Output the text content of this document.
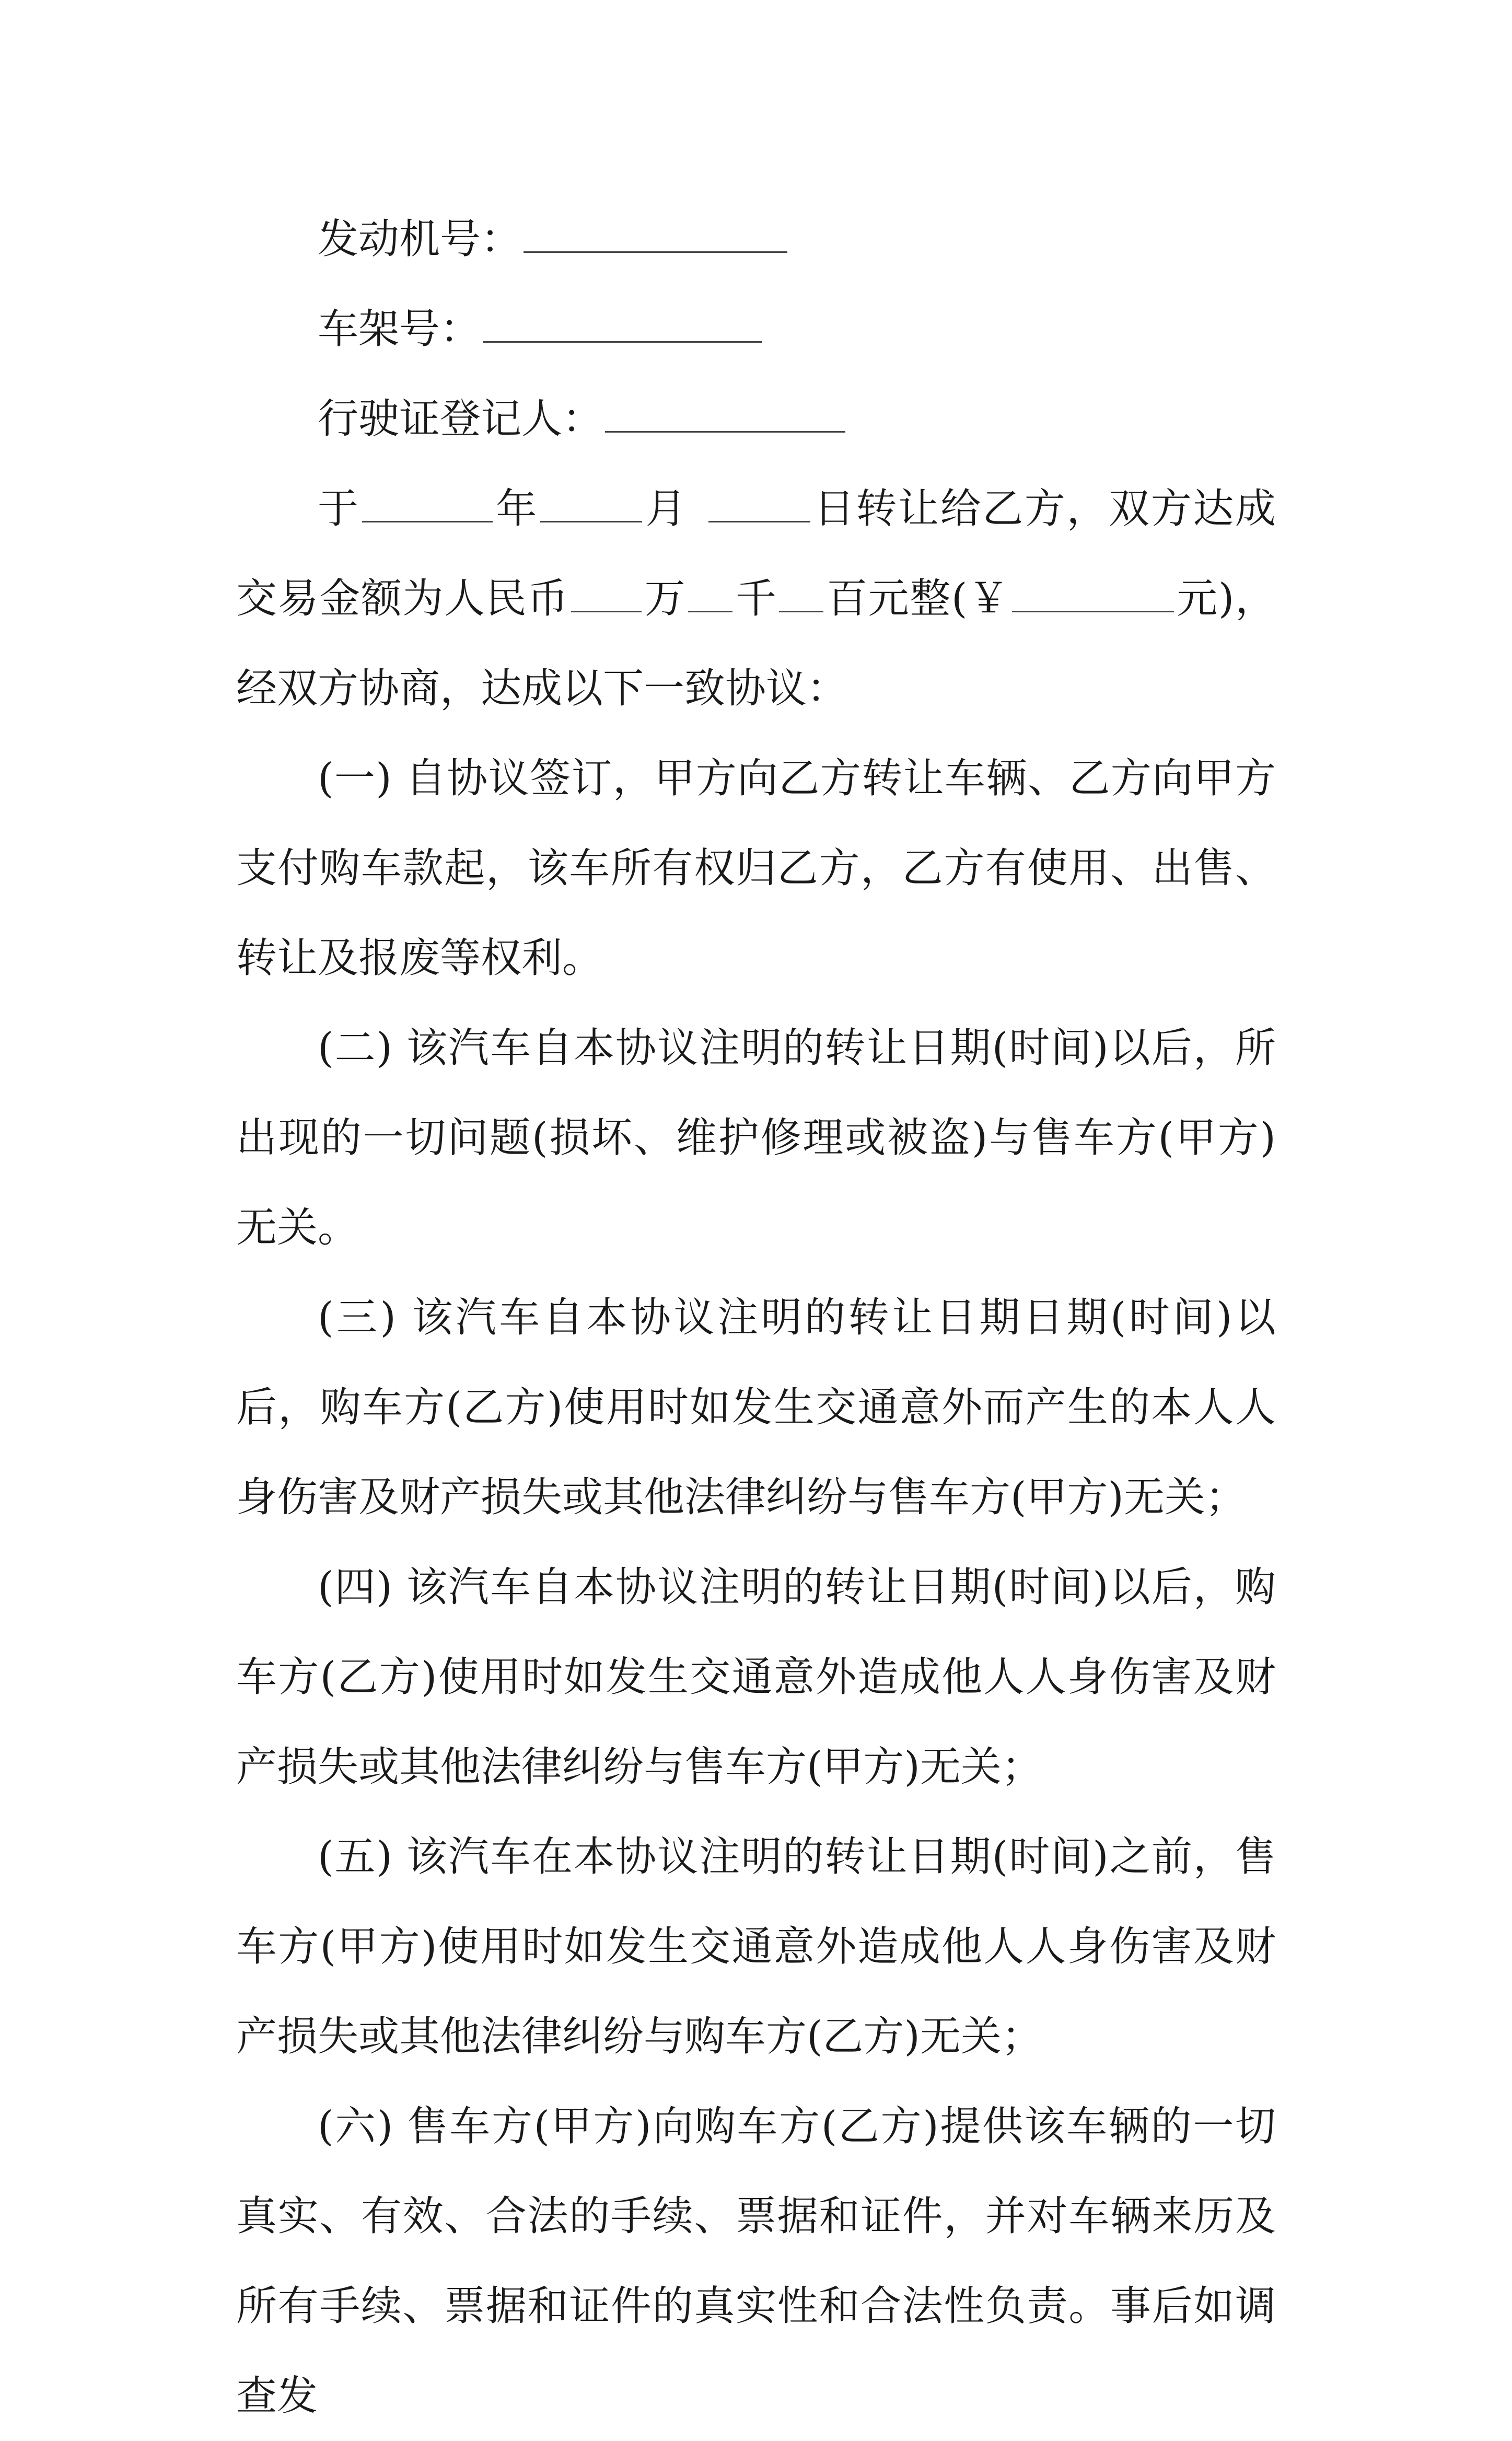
发动机号：
车架号：
行驶证登记人：
于	年	月	日转让给乙方，双方达成交易金额为人民币 万 千 百元整(￥	元)，经双方协商，达成以下一致协议：
(一) 自协议签订，甲方向乙方转让车辆、乙方向甲方支付购车款起，该车所有权归乙方，乙方有使用、出售、转让及报废等权利。
(二) 该汽车自本协议注明的转让日期(时间)以后，所出现的一切问题(损坏、维护修理或被盗)与售车方(甲方)无关。
(三) 该汽车自本协议注明的转让日期日期(时间)以后，购车方(乙方)使用时如发生交通意外而产生的本人人身伤害及财产损失或其他法律纠纷与售车方(甲方)无关；
(四) 该汽车自本协议注明的转让日期(时间)以后，购车方(乙方)使用时如发生交通意外造成他人人身伤害及财产损失或其他法律纠纷与售车方(甲方)无关；
(五) 该汽车在本协议注明的转让日期(时间)之前，售车方(甲方)使用时如发生交通意外造成他人人身伤害及财产损失或其他法律纠纷与购车方(乙方)无关；
(六) 售车方(甲方)向购车方(乙方)提供该车辆的一切真实、有效、合法的手续、票据和证件，并对车辆来历及所有手续、票据和证件的真实性和合法性负责。事后如调查发
